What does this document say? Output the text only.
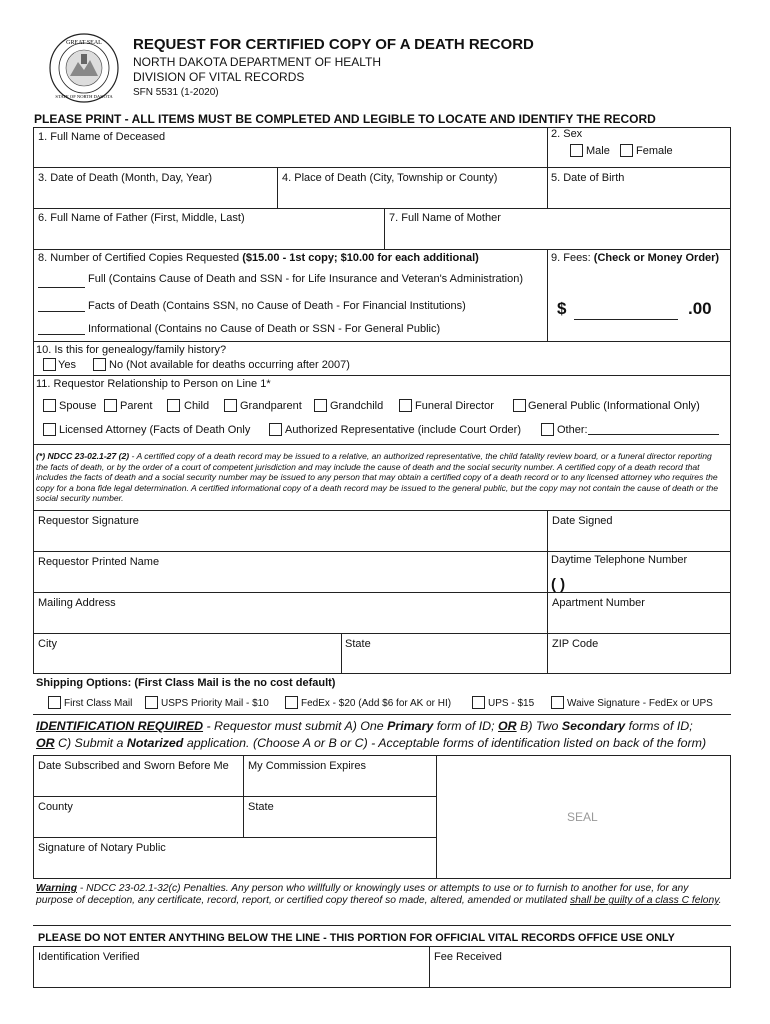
GREAT SEAL
STATE OF NORTH DAKOTA
REQUEST FOR CERTIFIED COPY OF A DEATH RECORD
NORTH DAKOTA DEPARTMENT OF HEALTH
DIVISION OF VITAL RECORDS
SFN 5531 (1-2020)
PLEASE PRINT - ALL ITEMS MUST BE COMPLETED AND LEGIBLE TO LOCATE AND IDENTIFY THE RECORD
1. Full Name of Deceased	2. Sex
Male Female
3. Date of Death (Month, Day, Year)	4. Place of Death (City, Township or County)	5. Date of Birth
6. Full Name of Father (First, Middle, Last)	7. Full Name of Mother
8. Number of Certified Copies Requested ($15.00 - 1st copy; $10.00 for each additional)
Full (Contains Cause of Death and SSN - for Life Insurance and Veteran's Administration)
Facts of Death (Contains SSN, no Cause of Death - For Financial Institutions)
Informational (Contains no Cause of Death or SSN - For General Public)
9. Fees: (Check or Money Order)
$	.00
10. Is this for genealogy/family history?
Yes	No (Not available for deaths occurring after 2007)
11. Requestor Relationship to Person on Line 1*
Spouse Parent	Child	Grandparent	Grandchild	Funeral Director	General Public (Informational Only)
Licensed Attorney (Facts of Death Only	Authorized Representative (include Court Order)	Other:
(*) NDCC 23-02.1-27 (2) - A certified copy of a death record may be issued to a relative, an authorized representative, the child fatality review board, or a funeral director reporting the facts of death, or by the order of a court of competent jurisdiction and may include the cause of death and the social security number. A certified copy of a death record that includes the facts of death and a social security number may be issued to any person that may obtain a certified copy of a death record or to any licensed attorney who requires the copy for a bona fide legal determination. A certified informational copy of a death record may be issued to the general public, but the copy may not contain the cause of death or the social security number.
Requestor Signature	Date Signed
Requestor Printed Name	Daytime Telephone Number
( )
Mailing Address	Apartment Number
City	State	ZIP Code
Shipping Options: (First Class Mail is the no cost default)
First Class Mail	USPS Priority Mail - $10	FedEx - $20 (Add $6 for AK or HI)	UPS - $15	Waive Signature - FedEx or UPS
IDENTIFICATION REQUIRED - Requestor must submit A) One Primary form of ID; OR B) Two Secondary forms of ID;
OR C) Submit a Notarized application. (Choose A or B or C) - Acceptable forms of identification listed on back of the form)
Date Subscribed and Sworn Before Me My Commission Expires
County	State
Signature of Notary Public
SEAL
Warning - NDCC 23-02.1-32(c) Penalties. Any person who willfully or knowingly uses or attempts to use or to furnish to another for use, for any purpose of deception, any certificate, record, report, or certified copy thereof so made, altered, amended or mutilated shall be guilty of a class C felony.
PLEASE DO NOT ENTER ANYTHING BELOW THE LINE - THIS PORTION FOR OFFICIAL VITAL RECORDS OFFICE USE ONLY
Identification Verified	Fee Received
